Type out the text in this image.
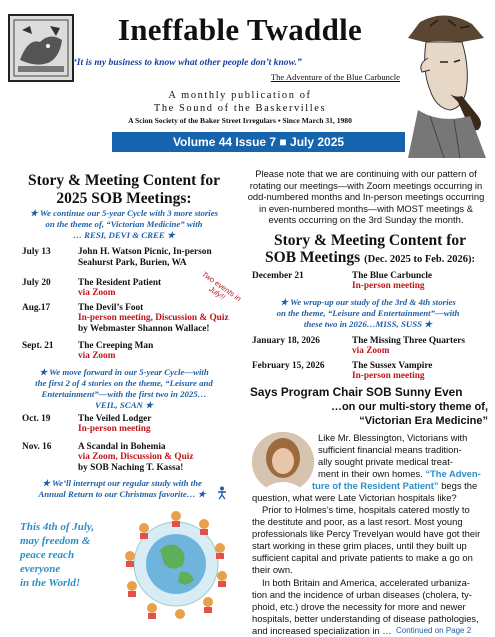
Ineffable Twaddle
“It is my business to know what other people don’t know.”
The Adventure of the Blue Carbuncle
A monthly publication of
The Sound of the Baskervilles
A Scion Society of the Baker Street Irregulars ▪ Since March 31, 1980
Volume 44 Issue 7 ■ July 2025
Story & Meeting Content for
2025 SOB Meetings:
★ We continue our 5-year Cycle with 3 more stories
on the theme of, “Victorian Medicine” with
… RESI, DEVI & CREE ★
July 13	John H. Watson Picnic, In-person
Seahurst Park, Burien, WA
July 20	The Resident Patient
via Zoom	Two events in July!!
Aug.17	The Devil’s Foot
In-person meeting, Discussion & Quiz
by Webmaster Shannon Wallace!
Sept. 21	The Creeping Man
via Zoom
★ We move forward in our 5-year Cycle—with
the first 2 of 4 stories on the theme, “Leisure and
Entertainment”—with the first two in 2025…
VEIL, SCAN ★
Oct. 19	The Veiled Lodger
In-person meeting
Nov. 16	A Scandal in Bohemia
via Zoom, Discussion & Quiz
by SOB Naching T. Kassa!
★ We’ll interrupt our regular study with the
Annual Return to our Christmas favorite… ★
This 4th of July,
may freedom &
peace reach
everyone
in the World!
Please note that we are continuing with our pattern of
rotating our meetings—with Zoom meetings occurring in
odd-numbered months and In-person meetings occurring
in even-numbered months—with MOST meetings &
events occurring on the 3rd Sunday the month.
Story & Meeting Content for
SOB Meetings (Dec. 2025 to Feb. 2026):
December 21	The Blue Carbuncle
In-person meeting
★ We wrap-up our study of the 3rd & 4th stories
on the theme, “Leisure and Entertainment”—with
these two in 2026…MISS, SUSS ★
January 18, 2026	The Missing Three Quarters
via Zoom
February 15, 2026	The Sussex Vampire
In-person meeting
Says Program Chair SOB Sunny Even
…on our multi-story theme of,
“Victorian Era Medicine”
Like Mr. Blessington, Victorians with
sufficient financial means tradition-
ally sought private medical treat-
ment in their own homes. “The Adven-
ture of the Resident Patient” begs the
question, what were Late Victorian hospitals like?
Prior to Holmes’s time, hospitals catered mostly to
the destitute and poor, as a last resort. Most young
professionals like Percy Trevelyan would have got their
start working in these grim places, until they built up
sufficient capital and private patients to make a go on
their own.
In both Britain and America, accelerated urbaniza-
tion and the incidence of urban diseases (cholera, ty-
phoid, etc.) drove the necessity for more and newer
hospitals, better understanding of disease pathologies,
and increased specialization in … Continued on Page 2
